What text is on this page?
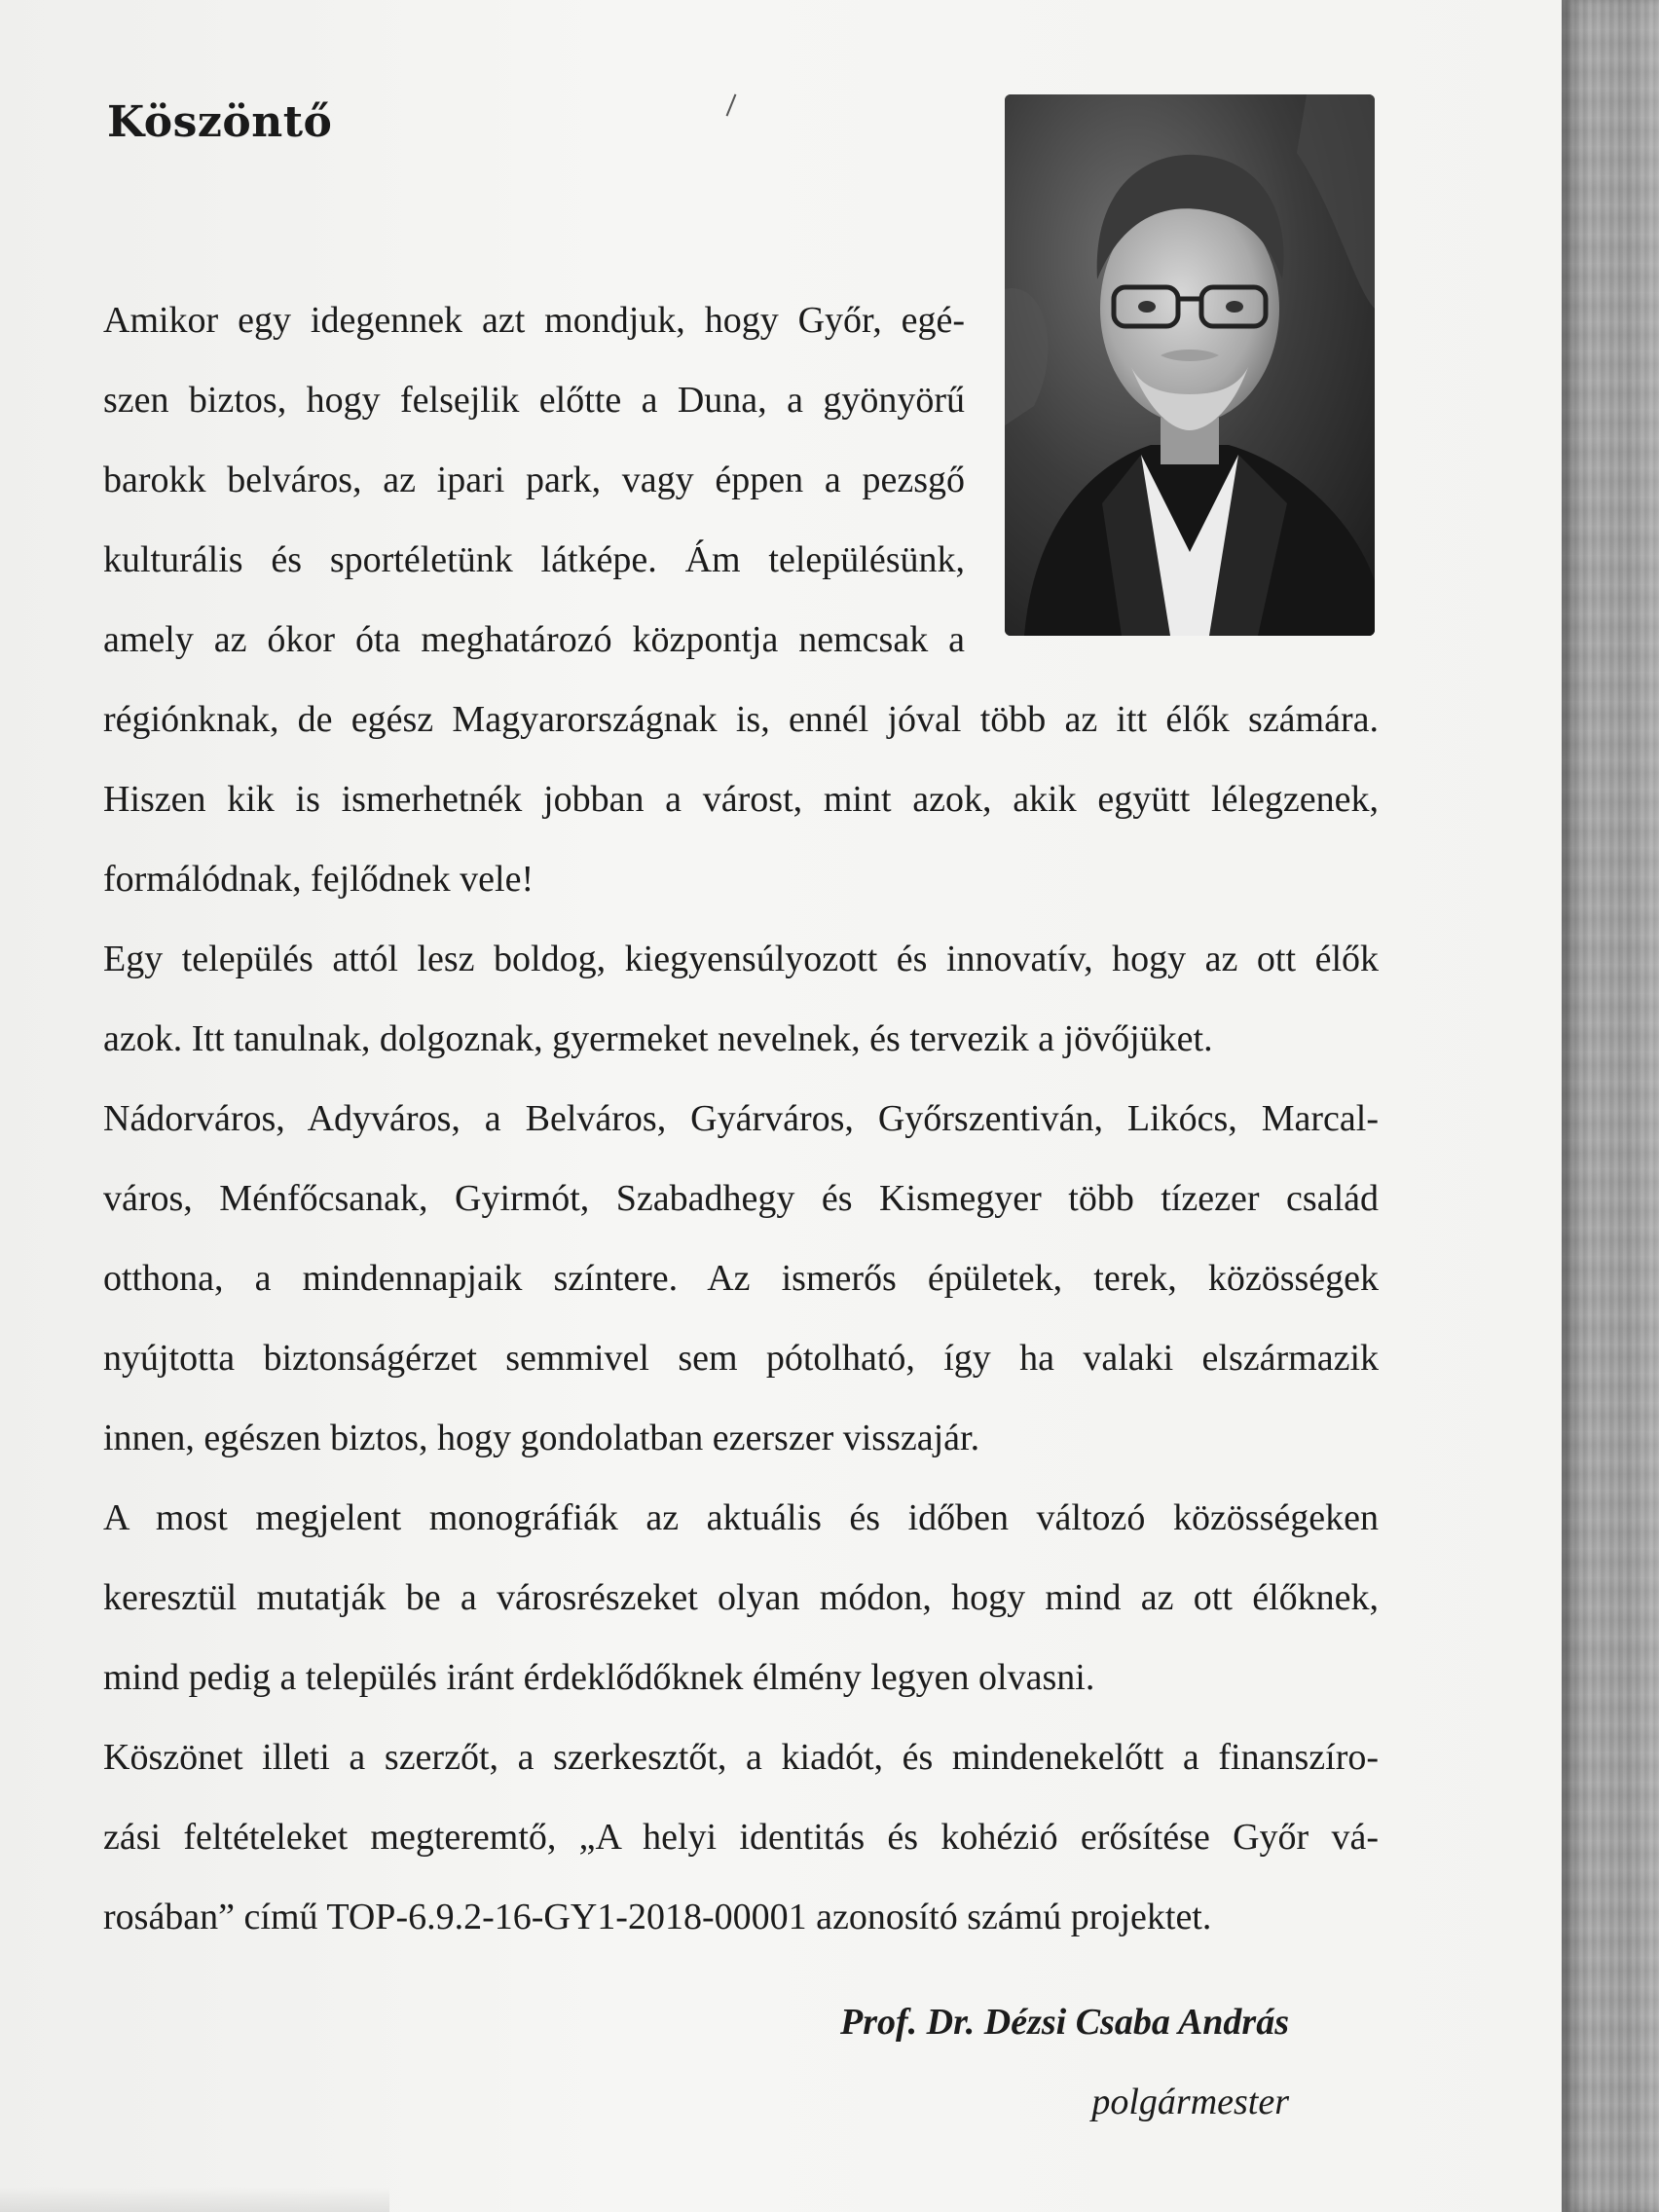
Köszöntő
Amikor egy idegennek azt mondjuk, hogy Győr, egé-
szen biztos, hogy felsejlik előtte a Duna, a gyönyörű
barokk belváros, az ipari park, vagy éppen a pezsgő
kulturális és sportéletünk látképe. Ám településünk,
amely az ókor óta meghatározó központja nemcsak a
régiónknak, de egész Magyarországnak is, ennél jóval több az itt élők számára.
Hiszen kik is ismerhetnék jobban a várost, mint azok, akik együtt lélegzenek,
formálódnak, fejlődnek vele!
Egy település attól lesz boldog, kiegyensúlyozott és innovatív, hogy az ott élők
azok. Itt tanulnak, dolgoznak, gyermeket nevelnek, és tervezik a jövőjüket.
Nádorváros, Adyváros, a Belváros, Gyárváros, Győrszentiván, Likócs, Marcal-
város, Ménfőcsanak, Gyirmót, Szabadhegy és Kismegyer több tízezer család
otthona, a mindennapjaik színtere. Az ismerős épületek, terek, közösségek
nyújtotta biztonságérzet semmivel sem pótolható, így ha valaki elszármazik
innen, egészen biztos, hogy gondolatban ezerszer visszajár.
A most megjelent monográfiák az aktuális és időben változó közösségeken
keresztül mutatják be a városrészeket olyan módon, hogy mind az ott élőknek,
mind pedig a település iránt érdeklődőknek élmény legyen olvasni.
Köszönet illeti a szerzőt, a szerkesztőt, a kiadót, és mindenekelőtt a finanszíro-
zási feltételeket megteremtő, „A helyi identitás és kohézió erősítése Győr vá-
rosában” című TOP-6.9.2-16-GY1-2018-00001 azonosító számú projektet.
Prof. Dr. Dézsi Csaba András
polgármester
